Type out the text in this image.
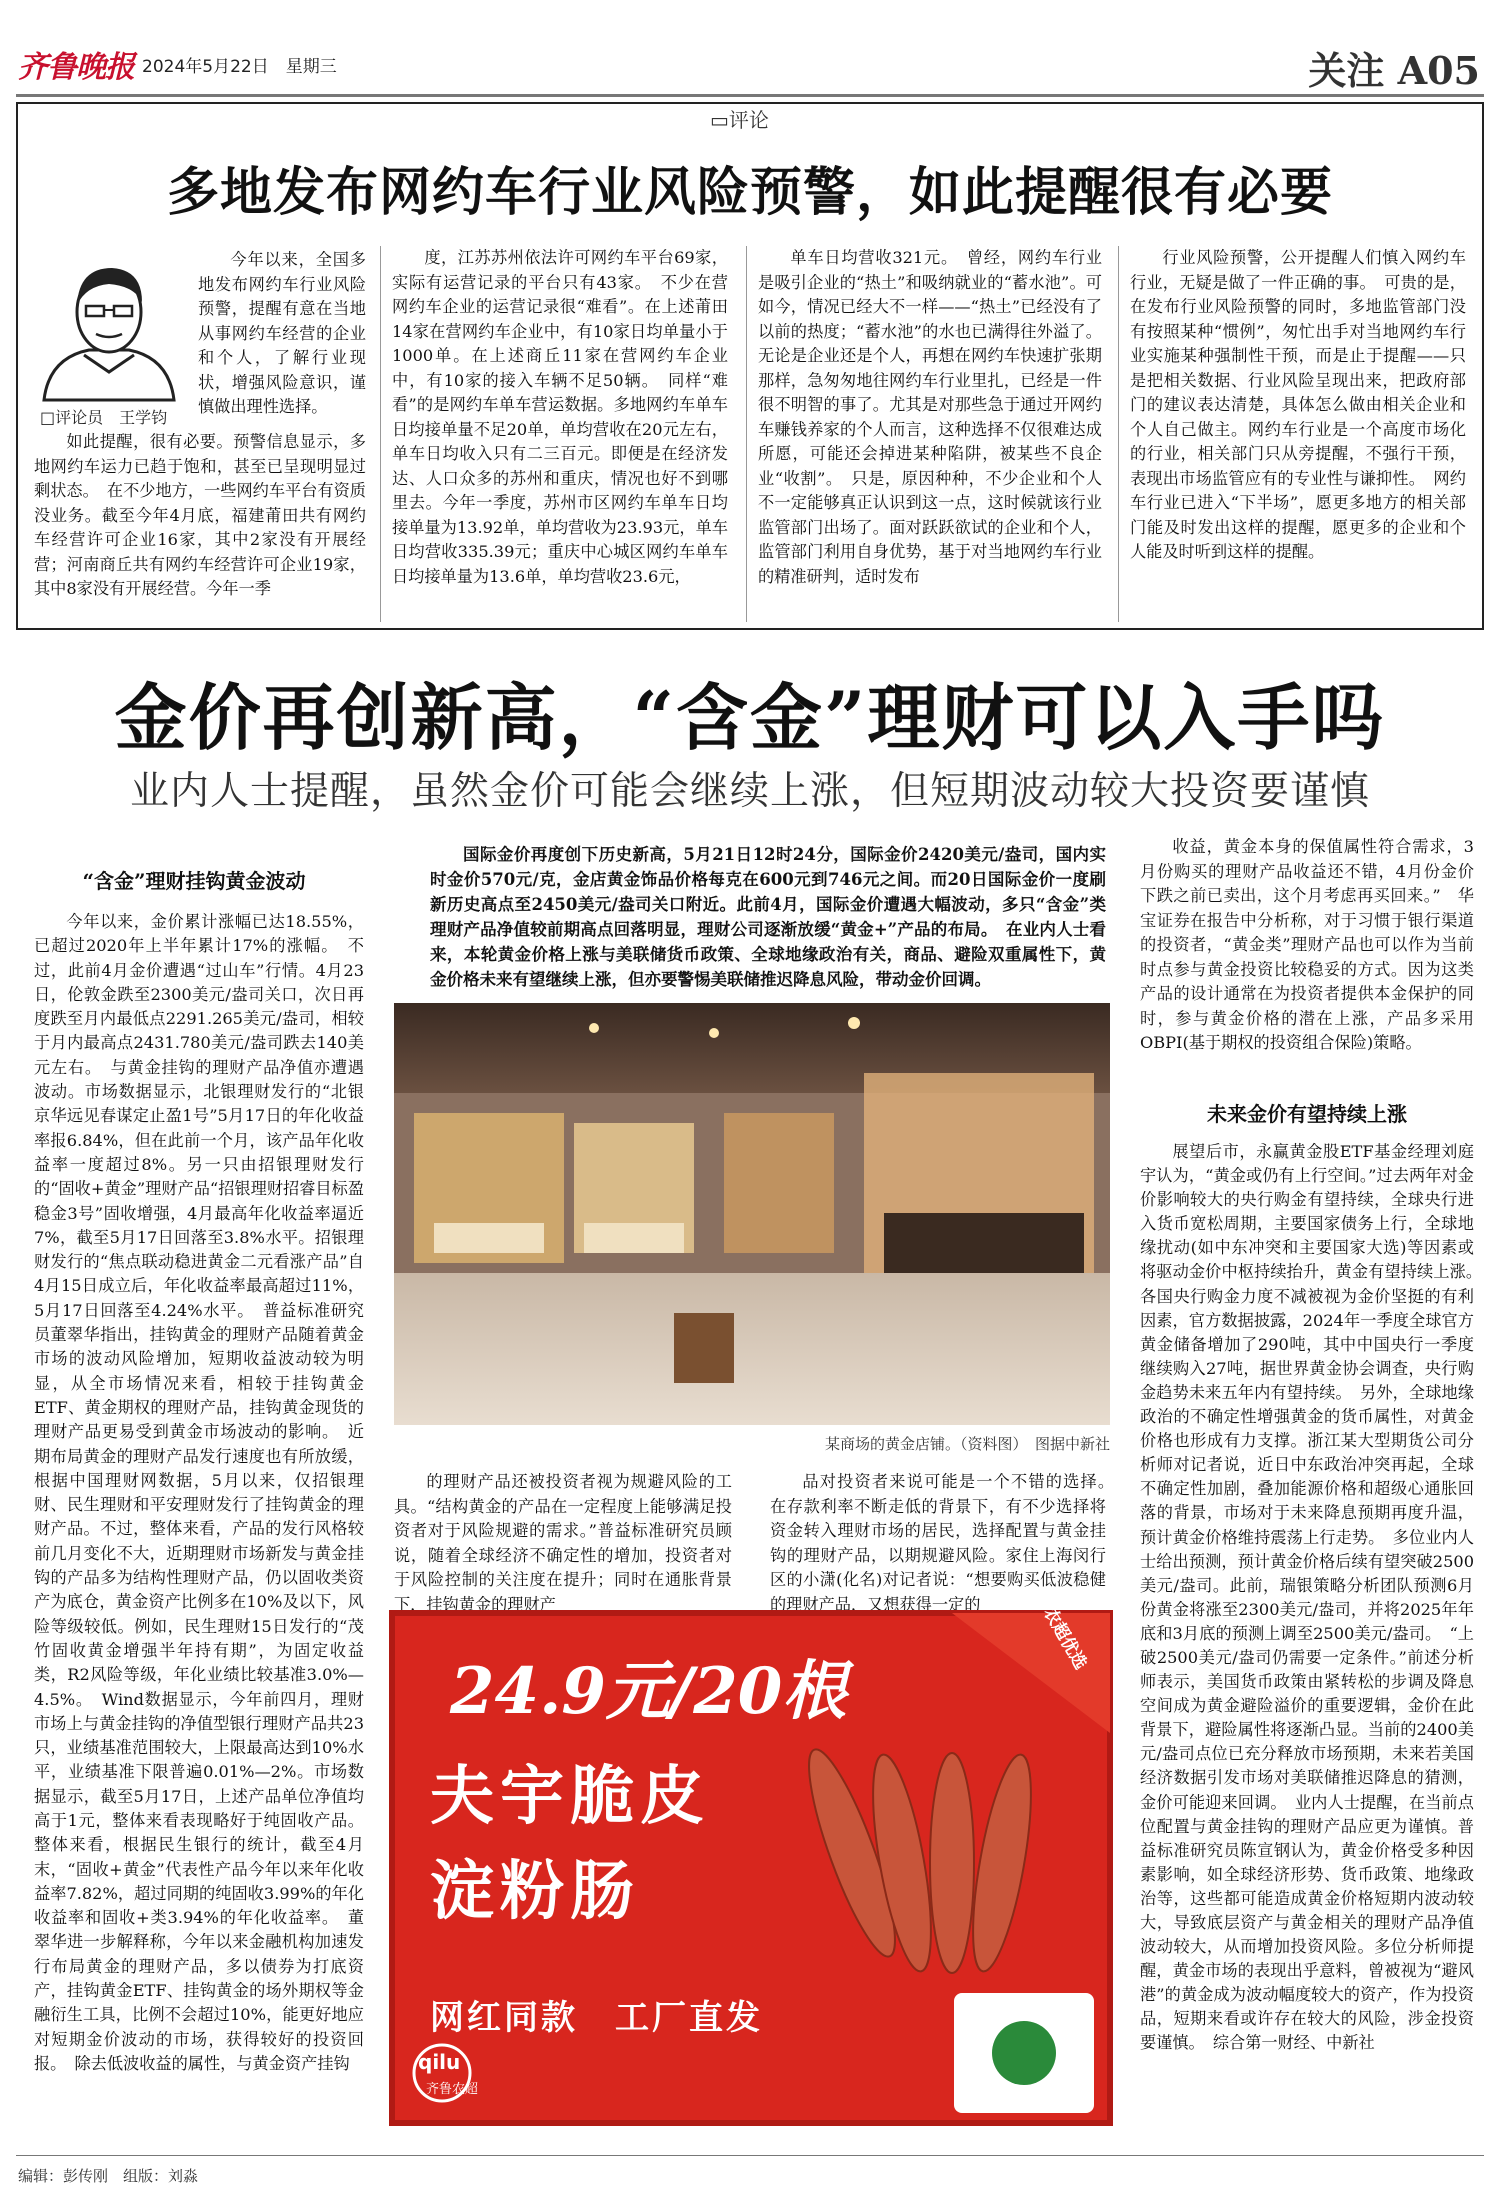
齐鲁晚报 2024年5月22日　星期三	关注 A05
▭评论
多地发布网约车行业风险预警，如此提醒很有必要
□评论员　王学钧

今年以来，全国多地发布网约车行业风险预警，提醒有意在当地从事网约车经营的企业和个人，了解行业现状，增强风险意识，谨慎做出理性选择。

如此提醒，很有必要。预警信息显示，多地网约车运力已趋于饱和，甚至已呈现明显过剩状态。　在不少地方，一些网约车平台有资质没业务。截至今年4月底，福建莆田共有网约车经营许可企业16家，其中2家没有开展经营；河南商丘共有网约车经营许可企业19家，其中8家没有开展经营。今年一季

度，江苏苏州依法许可网约车平台69家，实际有运营记录的平台只有43家。　不少在营网约车企业的运营记录很“难看”。在上述莆田14家在营网约车企业中，有10家日均单量小于1000单。在上述商丘11家在营网约车企业中，有10家的接入车辆不足50辆。　同样“难看”的是网约车单车营运数据。多地网约车单车日均接单量不足20单，单均营收在20元左右，单车日均收入只有二三百元。即便是在经济发达、人口众多的苏州和重庆，情况也好不到哪里去。今年一季度，苏州市区网约车单车日均接单量为13.92单，单均营收为23.93元，单车日均营收335.39元；重庆中心城区网约车单车日均接单量为13.6单，单均营收23.6元，

单车日均营收321元。　曾经，网约车行业是吸引企业的“热土”和吸纳就业的“蓄水池”。可如今，情况已经大不一样——“热土”已经没有了以前的热度；“蓄水池”的水也已满得往外溢了。无论是企业还是个人，再想在网约车快速扩张期那样，急匆匆地往网约车行业里扎，已经是一件很不明智的事了。尤其是对那些急于通过开网约车赚钱养家的个人而言，这种选择不仅很难达成所愿，可能还会掉进某种陷阱，被某些不良企业“收割”。　只是，原因种种，不少企业和个人不一定能够真正认识到这一点，这时候就该行业监管部门出场了。面对跃跃欲试的企业和个人，监管部门利用自身优势，基于对当地网约车行业的精准研判，适时发布

行业风险预警，公开提醒人们慎入网约车行业，无疑是做了一件正确的事。　可贵的是，在发布行业风险预警的同时，多地监管部门没有按照某种“惯例”，匆忙出手对当地网约车行业实施某种强制性干预，而是止于提醒——只是把相关数据、行业风险呈现出来，把政府部门的建议表达清楚，具体怎么做由相关企业和个人自己做主。网约车行业是一个高度市场化的行业，相关部门只从旁提醒，不强行干预，表现出市场监管应有的专业性与谦抑性。　网约车行业已进入“下半场”，愿更多地方的相关部门能及时发出这样的提醒，愿更多的企业和个人能及时听到这样的提醒。

金价再创新高，“含金”理财可以入手吗
业内人士提醒，虽然金价可能会继续上涨，但短期波动较大投资要谨慎

国际金价再度创下历史新高，5月21日12时24分，国际金价2420美元/盎司，国内实时金价570元/克，金店黄金饰品价格每克在600元到746元之间。而20日国际金价一度刷新历史高点至2450美元/盎司关口附近。此前4月，国际金价遭遇大幅波动，多只“含金”类理财产品净值较前期高点回落明显，理财公司逐渐放缓“黄金+”产品的布局。　在业内人士看来，本轮黄金价格上涨与美联储货币政策、全球地缘政治有关，商品、避险双重属性下，黄金价格未来有望继续上涨，但亦要警惕美联储推迟降息风险，带动金价回调。

“含金”理财挂钩黄金波动

今年以来，金价累计涨幅已达18.55%，已超过2020年上半年累计17%的涨幅。　不过，此前4月金价遭遇“过山车”行情。4月23日，伦敦金跌至2300美元/盎司关口，次日再度跌至月内最低点2291.265美元/盎司，相较于月内最高点2431.780美元/盎司跌去140美元左右。　与黄金挂钩的理财产品净值亦遭遇波动。市场数据显示，北银理财发行的“北银京华远见春谋定止盈1号”5月17日的年化收益率报6.84%，但在此前一个月，该产品年化收益率一度超过8%。另一只由招银理财发行的“固收+黄金”理财产品“招银理财招睿目标盈稳金3号”固收增强，4月最高年化收益率逼近7%，截至5月17日回落至3.8%水平。招银理财发行的“焦点联动稳进黄金二元看涨产品”自4月15日成立后，年化收益率最高超过11%，5月17日回落至4.24%水平。　普益标准研究员董翠华指出，挂钩黄金的理财产品随着黄金市场的波动风险增加，短期收益波动较为明显，从全市场情况来看，相较于挂钩黄金ETF、黄金期权的理财产品，挂钩黄金现货的理财产品更易受到黄金市场波动的影响。　近期布局黄金的理财产品发行速度也有所放缓，根据中国理财网数据，5月以来，仅招银理财、民生理财和平安理财发行了挂钩黄金的理财产品。不过，整体来看，产品的发行风格较前几月变化不大，近期理财市场新发与黄金挂钩的产品多为结构性理财产品，仍以固收类资产为底仓，黄金资产比例多在10%及以下，风险等级较低。例如，民生理财15日发行的“茂竹固收黄金增强半年持有期”，为固定收益类，R2风险等级，年化业绩比较基准3.0%—4.5%。　Wind数据显示，今年前四月，理财市场上与黄金挂钩的净值型银行理财产品共23只，业绩基准范围较大，上限最高达到10%水平，业绩基准下限普遍0.01%—2%。市场数据显示，截至5月17日，上述产品单位净值均高于1元，整体来看表现略好于纯固收产品。整体来看，根据民生银行的统计，截至4月末，“固收+黄金”代表性产品今年以来年化收益率7.82%，超过同期的纯固收3.99%的年化收益率和固收+类3.94%的年化收益率。　董翠华进一步解释称，今年以来金融机构加速发行布局黄金的理财产品，多以债券为打底资产，挂钩黄金ETF、挂钩黄金的场外期权等金融衍生工具，比例不会超过10%，能更好地应对短期金价波动的市场，获得较好的投资回报。　除去低波收益的属性，与黄金资产挂钩

某商场的黄金店铺。（资料图）　图据中新社

的理财产品还被投资者视为规避风险的工具。“结构黄金的产品在一定程度上能够满足投资者对于风险规避的需求。”普益标准研究员顾说，随着全球经济不确定性的增加，投资者对于风险控制的关注度在提升；同时在通胀背景下，挂钩黄金的理财产

品对投资者来说可能是一个不错的选择。　在存款利率不断走低的背景下，有不少选择将资金转入理财市场的居民，选择配置与黄金挂钩的理财产品，以期规避风险。家住上海闵行区的小潇(化名)对记者说：“想要购买低波稳健的理财产品，又想获得一定的

收益，黄金本身的保值属性符合需求，3月份购买的理财产品收益还不错，4月份金价下跌之前已卖出，这个月考虑再买回来。”　华宝证券在报告中分析称，对于习惯于银行渠道的投资者，“黄金类”理财产品也可以作为当前时点参与黄金投资比较稳妥的方式。因为这类产品的设计通常在为投资者提供本金保护的同时，参与黄金价格的潜在上涨，产品多采用OBPI(基于期权的投资组合保险)策略。

未来金价有望持续上涨

展望后市，永赢黄金股ETF基金经理刘庭宇认为，“黄金或仍有上行空间。”过去两年对金价影响较大的央行购金有望持续，全球央行进入货币宽松周期，主要国家债务上行，全球地缘扰动(如中东冲突和主要国家大选)等因素或将驱动金价中枢持续抬升，黄金有望持续上涨。　各国央行购金力度不减被视为金价坚挺的有利因素，官方数据披露，2024年一季度全球官方黄金储备增加了290吨，其中中国央行一季度继续购入27吨，据世界黄金协会调查，央行购金趋势未来五年内有望持续。　另外，全球地缘政治的不确定性增强黄金的货币属性，对黄金价格也形成有力支撑。浙江某大型期货公司分析师对记者说，近日中东政治冲突再起，全球不确定性加剧，叠加能源价格和超级心通胀回落的背景，市场对于未来降息预期再度升温，预计黄金价格维持震荡上行走势。　多位业内人士给出预测，预计黄金价格后续有望突破2500美元/盎司。此前，瑞银策略分析团队预测6月份黄金将涨至2300美元/盎司，并将2025年年底和3月底的预测上调至2500美元/盎司。　“上破2500美元/盎司仍需要一定条件。”前述分析师表示，美国货币政策由紧转松的步调及降息空间成为黄金避险溢价的重要逻辑，金价在此背景下，避险属性将逐渐凸显。当前的2400美元/盎司点位已充分释放市场预期，未来若美国经济数据引发市场对美联储推迟降息的猜测，金价可能迎来回调。　业内人士提醒，在当前点位配置与黄金挂钩的理财产品应更为谨慎。普益标准研究员陈宣钢认为，黄金价格受多种因素影响，如全球经济形势、货币政策、地缘政治等，这些都可能造成黄金价格短期内波动较大，导致底层资产与黄金相关的理财产品净值波动较大，从而增加投资风险。多位分析师提醒，黄金市场的表现出乎意料，曾被视为“避风港”的黄金成为波动幅度较大的资产，作为投资品，短期来看或许存在较大的风险，涉金投资要谨慎。　综合第一财经、中新社

24.9元/20根
夫宇脆皮
淀粉肠
网红同款　工厂直发
qilu
齐鲁农超
农超优选
编辑：彭传刚　组版：刘淼
